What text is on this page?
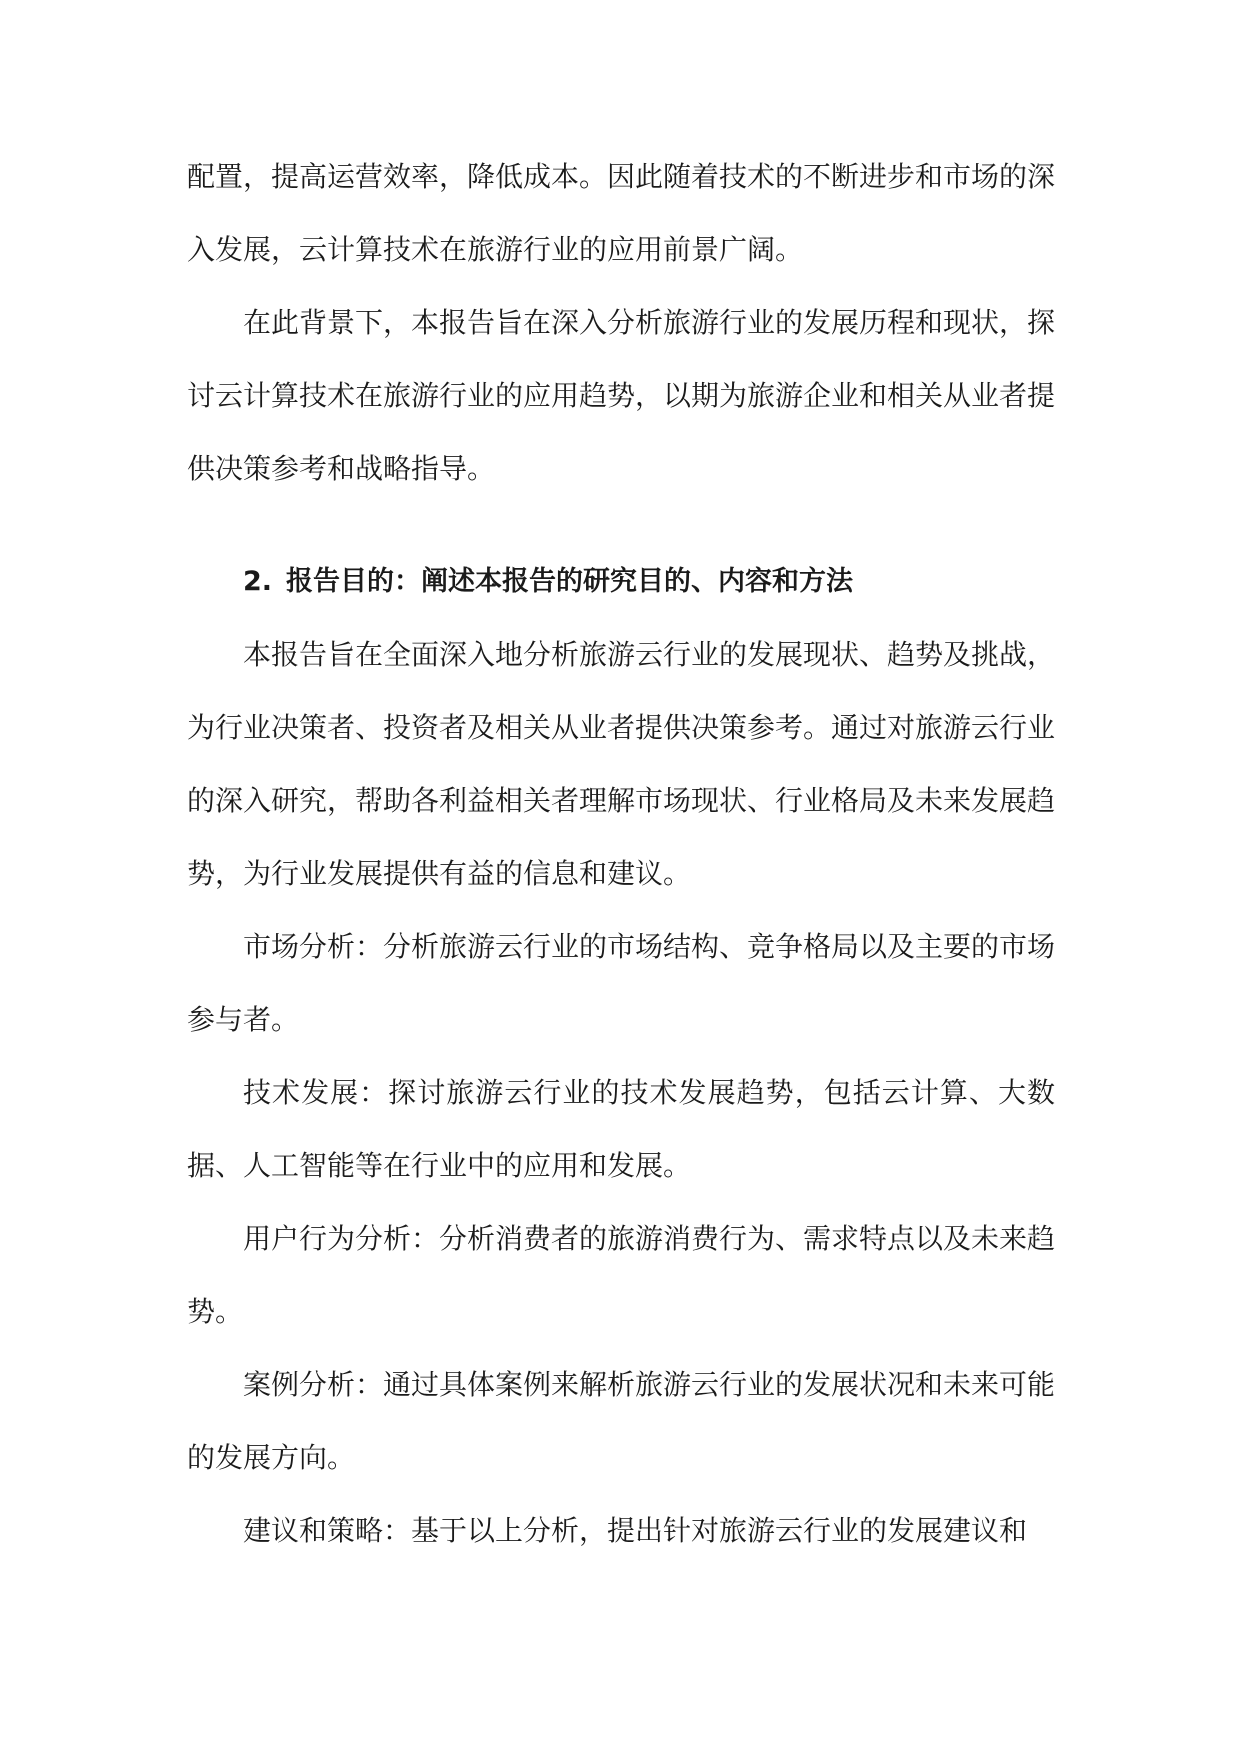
配置，提高运营效率，降低成本。因此随着技术的不断进步和市场的深入发展，云计算技术在旅游行业的应用前景广阔。

在此背景下，本报告旨在深入分析旅游行业的发展历程和现状，探讨云计算技术在旅游行业的应用趋势，以期为旅游企业和相关从业者提供决策参考和战略指导。

2. 报告目的：阐述本报告的研究目的、内容和方法

本报告旨在全面深入地分析旅游云行业的发展现状、趋势及挑战，为行业决策者、投资者及相关从业者提供决策参考。通过对旅游云行业的深入研究，帮助各利益相关者理解市场现状、行业格局及未来发展趋势，为行业发展提供有益的信息和建议。

市场分析：分析旅游云行业的市场结构、竞争格局以及主要的市场参与者。

技术发展：探讨旅游云行业的技术发展趋势，包括云计算、大数据、人工智能等在行业中的应用和发展。

用户行为分析：分析消费者的旅游消费行为、需求特点以及未来趋势。

案例分析：通过具体案例来解析旅游云行业的发展状况和未来可能的发展方向。

建议和策略：基于以上分析，提出针对旅游云行业的发展建议和
